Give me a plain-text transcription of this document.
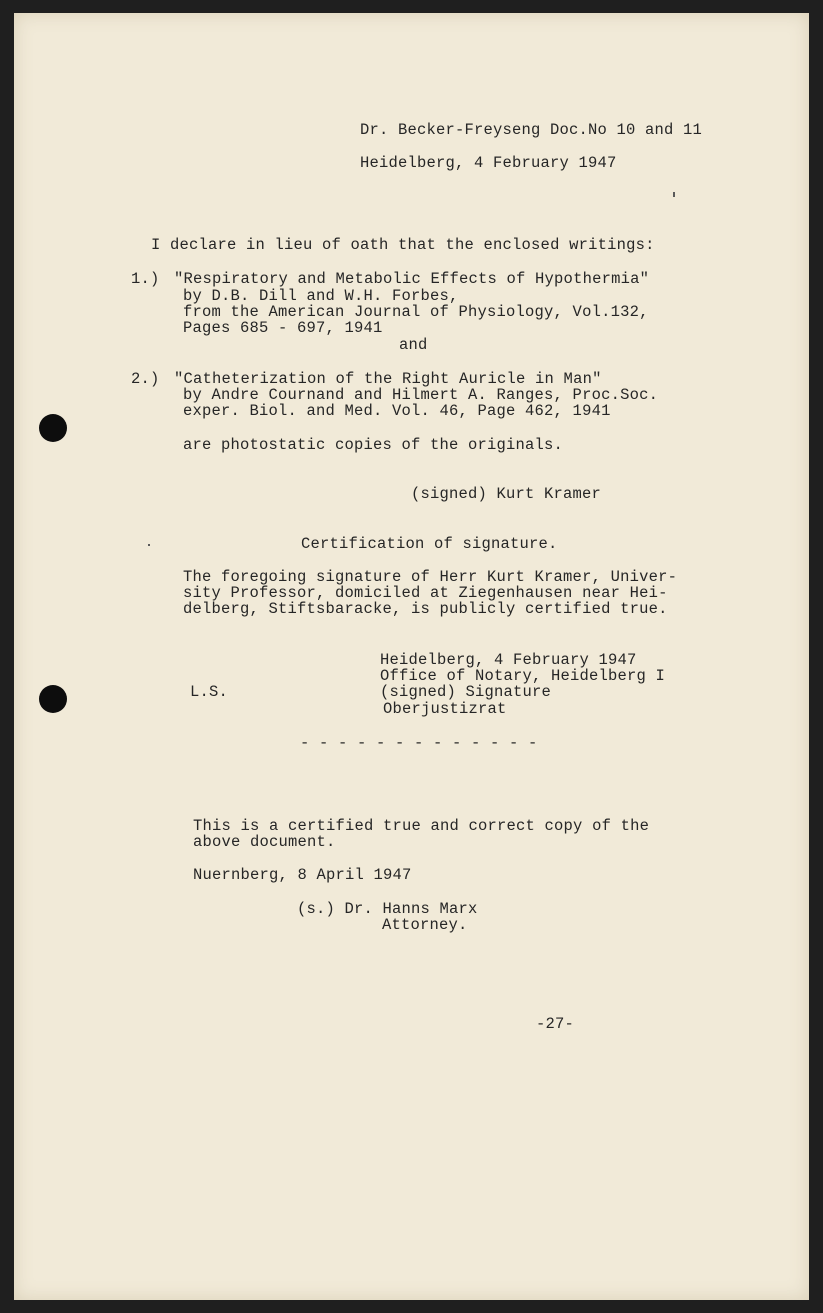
Dr. Becker-Freyseng Doc.No 10 and 11
Heidelberg, 4 February 1947
I declare in lieu of oath that the enclosed writings:
1.) "Respiratory and Metabolic Effects of Hypothermia"
by D.B. Dill and W.H. Forbes,
from the American Journal of Physiology, Vol.132,
Pages 685 - 697, 1941
and
2.) "Catheterization of the Right Auricle in Man"
by Andre Cournand and Hilmert A. Ranges, Proc.Soc.
exper. Biol. and Med. Vol. 46, Page 462, 1941
are photostatic copies of the originals.
(signed) Kurt Kramer
Certification of signature.
The foregoing signature of Herr Kurt Kramer, Univer-
sity Professor, domiciled at Ziegenhausen near Hei-
delberg, Stiftsbaracke, is publicly certified true.
Heidelberg, 4 February 1947
Office of Notary, Heidelberg I
L.S.	(signed) Signature
Oberjustizrat
- - - - - - - - - - - - -
This is a certified true and correct copy of the
above document.
Nuernberg, 8 April 1947
(s.) Dr. Hanns Marx
Attorney.
-27-
